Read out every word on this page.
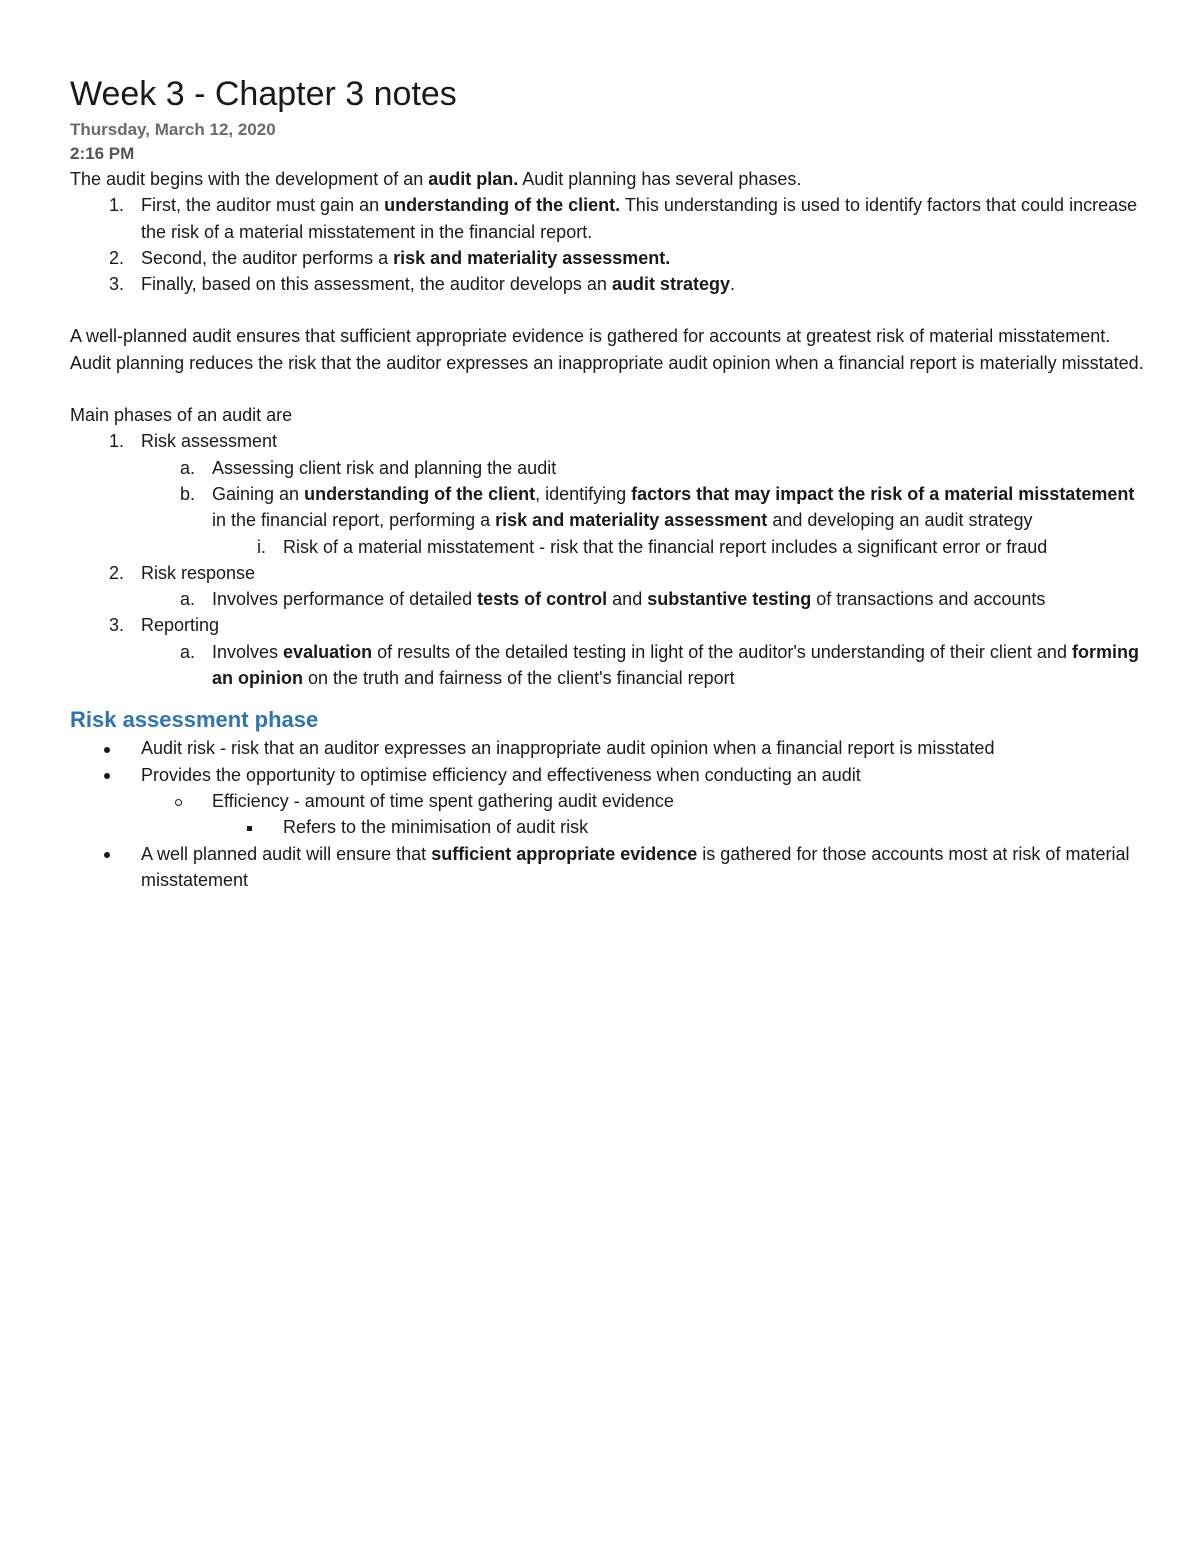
Week 3 - Chapter 3 notes
Thursday, March 12, 2020
2:16 PM

The audit begins with the development of an audit plan. Audit planning has several phases.

1. First, the auditor must gain an understanding of the client. This understanding is used to identify factors that could increase the risk of a material misstatement in the financial report.
2. Second, the auditor performs a risk and materiality assessment.
3. Finally, based on this assessment, the auditor develops an audit strategy.

A well-planned audit ensures that sufficient appropriate evidence is gathered for accounts at greatest risk of material misstatement. Audit planning reduces the risk that the auditor expresses an inappropriate audit opinion when a financial report is materially misstated.

Main phases of an audit are

1. Risk assessment
a. Assessing client risk and planning the audit
b. Gaining an understanding of the client, identifying factors that may impact the risk of a material misstatement in the financial report, performing a risk and materiality assessment and developing an audit strategy
i. Risk of a material misstatement - risk that the financial report includes a significant error or fraud
2. Risk response
a. Involves performance of detailed tests of control and substantive testing of transactions and accounts
3. Reporting
a. Involves evaluation of results of the detailed testing in light of the auditor's understanding of their client and forming an opinion on the truth and fairness of the client's financial report
Risk assessment phase
Audit risk - risk that an auditor expresses an inappropriate audit opinion when a financial report is misstated
Provides the opportunity to optimise efficiency and effectiveness when conducting an audit
Efficiency - amount of time spent gathering audit evidence
Refers to the minimisation of audit risk
A well planned audit will ensure that sufficient appropriate evidence is gathered for those accounts most at risk of material misstatement
